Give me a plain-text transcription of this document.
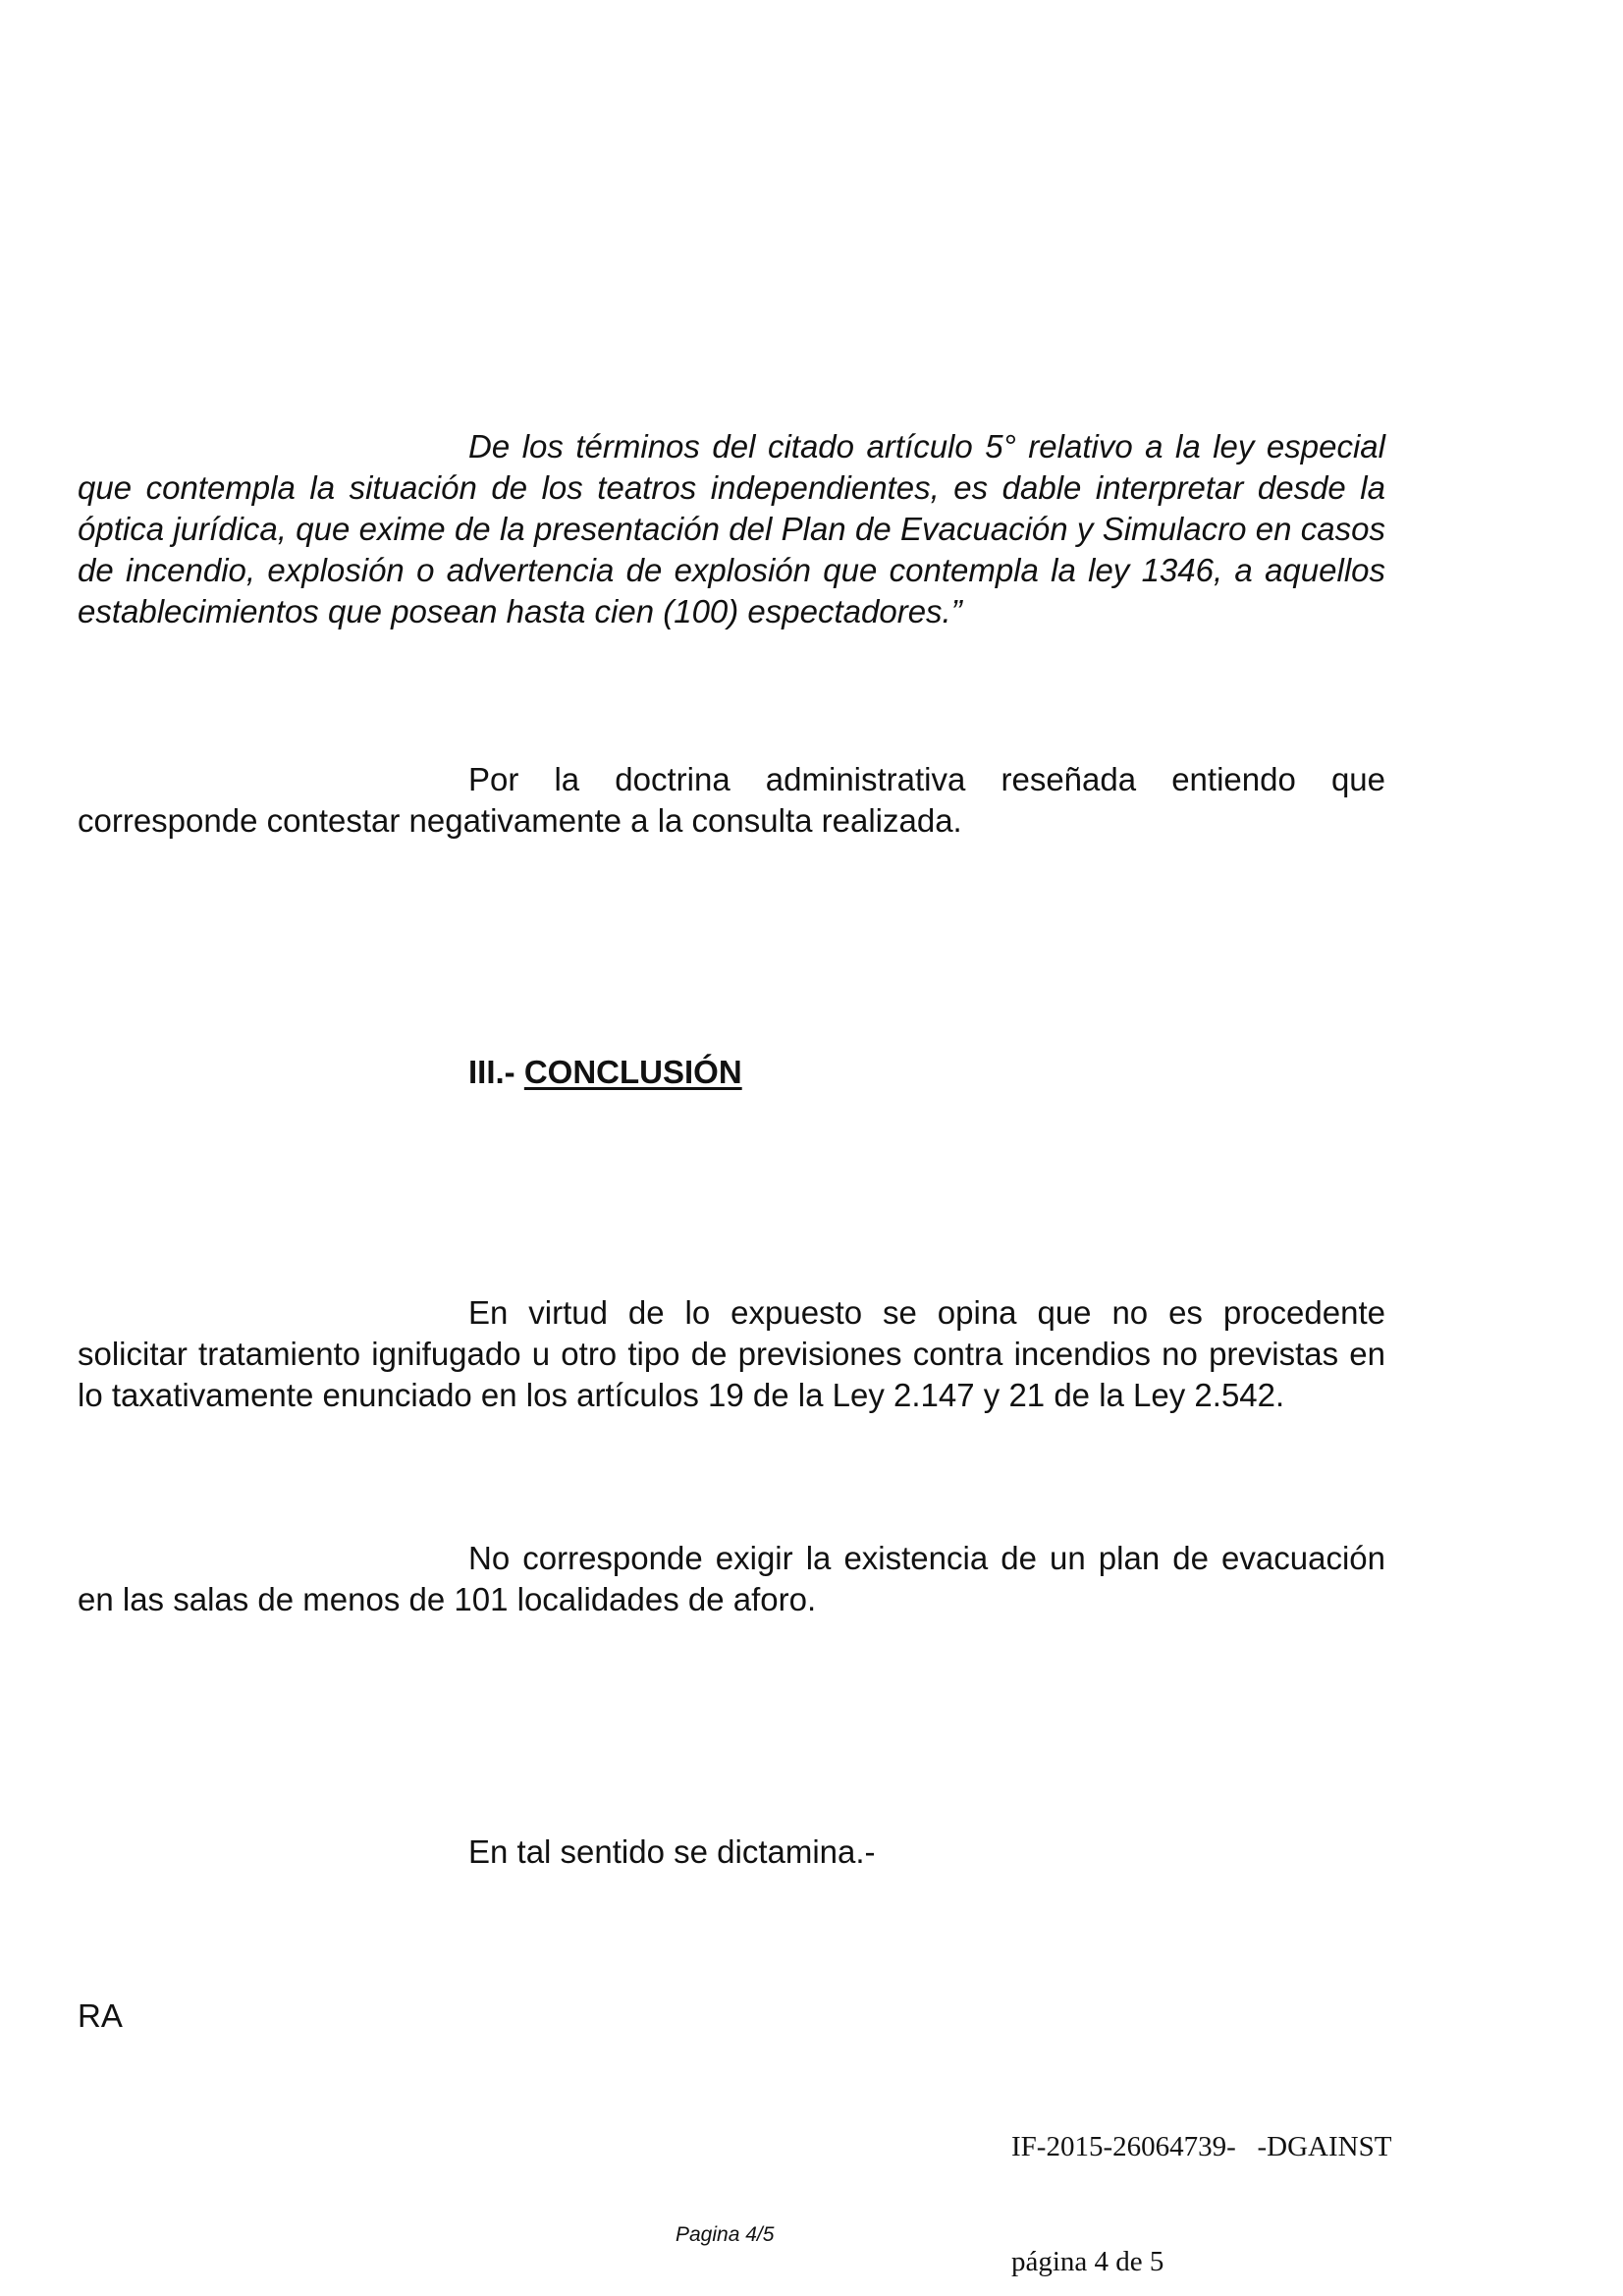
De los términos del citado artículo 5° relativo a la ley especial que contempla la situación de los teatros independientes, es dable interpretar desde la óptica jurídica, que exime de la presentación del Plan de Evacuación y Simulacro en casos de incendio, explosión o advertencia de explosión que contempla la ley 1346, a aquellos establecimientos que posean hasta cien (100) espectadores.”

Por la doctrina administrativa reseñada entiendo que corresponde contestar negativamente a la consulta realizada.

III.- CONCLUSIÓN

En virtud de lo expuesto se opina que no es procedente solicitar tratamiento ignifugado u otro tipo de previsiones contra incendios no previstas en lo taxativamente enunciado en los artículos 19 de la Ley 2.147 y 21 de la Ley 2.542.

No corresponde exigir la existencia de un plan de evacuación en las salas de menos de 101 localidades de aforo.

En tal sentido se dictamina.-

RA

IF-2015-26064739-   -DGAINST
Pagina 4/5
página 4 de 5
